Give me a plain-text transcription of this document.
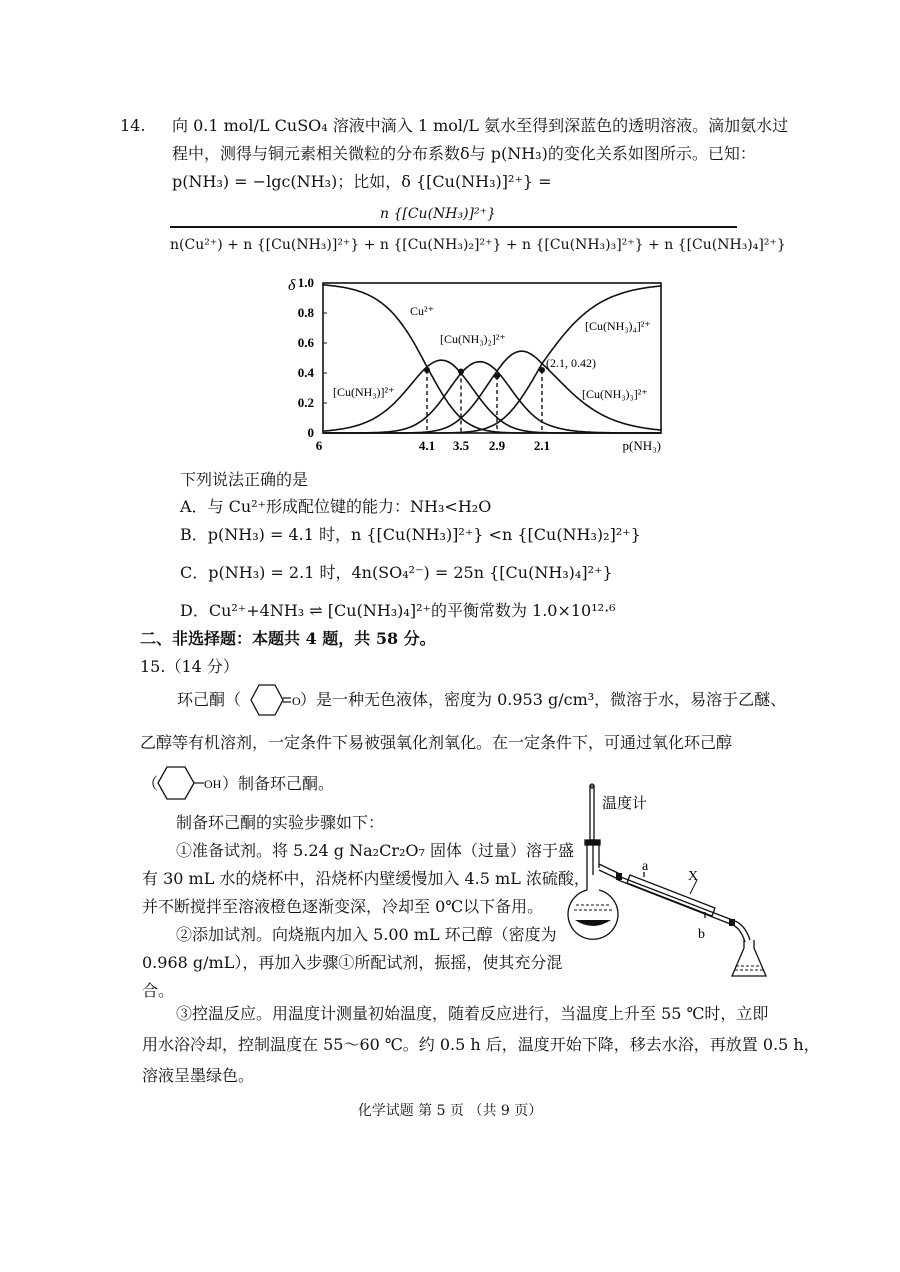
14. 向 0.1 mol/L CuSO₄ 溶液中滴入 1 mol/L 氨水至得到深蓝色的透明溶液。滴加氨水过
程中，测得与铜元素相关微粒的分布系数δ与 p(NH₃)的变化关系如图所示。已知：
p(NH₃) = −lgc(NH₃)；比如，δ {[Cu(NH₃)]²⁺} =
n {[Cu(NH₃)]²⁺}
n(Cu²⁺) + n {[Cu(NH₃)]²⁺} + n {[Cu(NH₃)₂]²⁺} + n {[Cu(NH₃)₃]²⁺} + n {[Cu(NH₃)₄]²⁺}
δ
0
0.2
0.4
0.6
0.8
1.0
6	4.1 3.5 2.9 2.1	p(NH₃)
Cu²⁺
[Cu(NH₃)]²⁺
[Cu(NH₃)₂]²⁺
[Cu(NH₃)₃]²⁺
[Cu(NH₃)₄]²⁺
(2.1, 0.42)
下列说法正确的是
A．与 Cu²⁺形成配位键的能力：NH₃<H₂O
B．p(NH₃) = 4.1 时，n {[Cu(NH₃)]²⁺} <n {[Cu(NH₃)₂]²⁺}
C．p(NH₃) = 2.1 时，4n(SO₄²⁻) = 25n {[Cu(NH₃)₄]²⁺}
D．Cu²⁺+4NH₃ ⇌ [Cu(NH₃)₄]²⁺的平衡常数为 1.0×10¹²·⁶
二、非选择题：本题共 4 题，共 58 分。
15.（14 分）
环己酮（	O ）是一种无色液体，密度为 0.953 g/cm³，微溶于水，易溶于乙醚、
乙醇等有机溶剂，一定条件下易被强氧化剂氧化。在一定条件下，可通过氧化环己醇
（	OH ）制备环己酮。
制备环己酮的实验步骤如下：
①准备试剂。将 5.24 g Na₂Cr₂O₇ 固体（过量）溶于盛
有 30 mL 水的烧杯中，沿烧杯内壁缓慢加入 4.5 mL 浓硫酸，
并不断搅拌至溶液橙色逐渐变深，冷却至 0℃以下备用。
②添加试剂。向烧瓶内加入 5.00 mL 环己醇（密度为
0.968 g/mL），再加入步骤①所配试剂，振摇，使其充分混
合。
温度计
a
b
X
③控温反应。用温度计测量初始温度，随着反应进行，当温度上升至 55 ℃时，立即
用水浴冷却，控制温度在 55～60 ℃。约 0.5 h 后，温度开始下降，移去水浴，再放置 0.5 h，
溶液呈墨绿色。
化学试题 第 5 页 （共 9 页）
